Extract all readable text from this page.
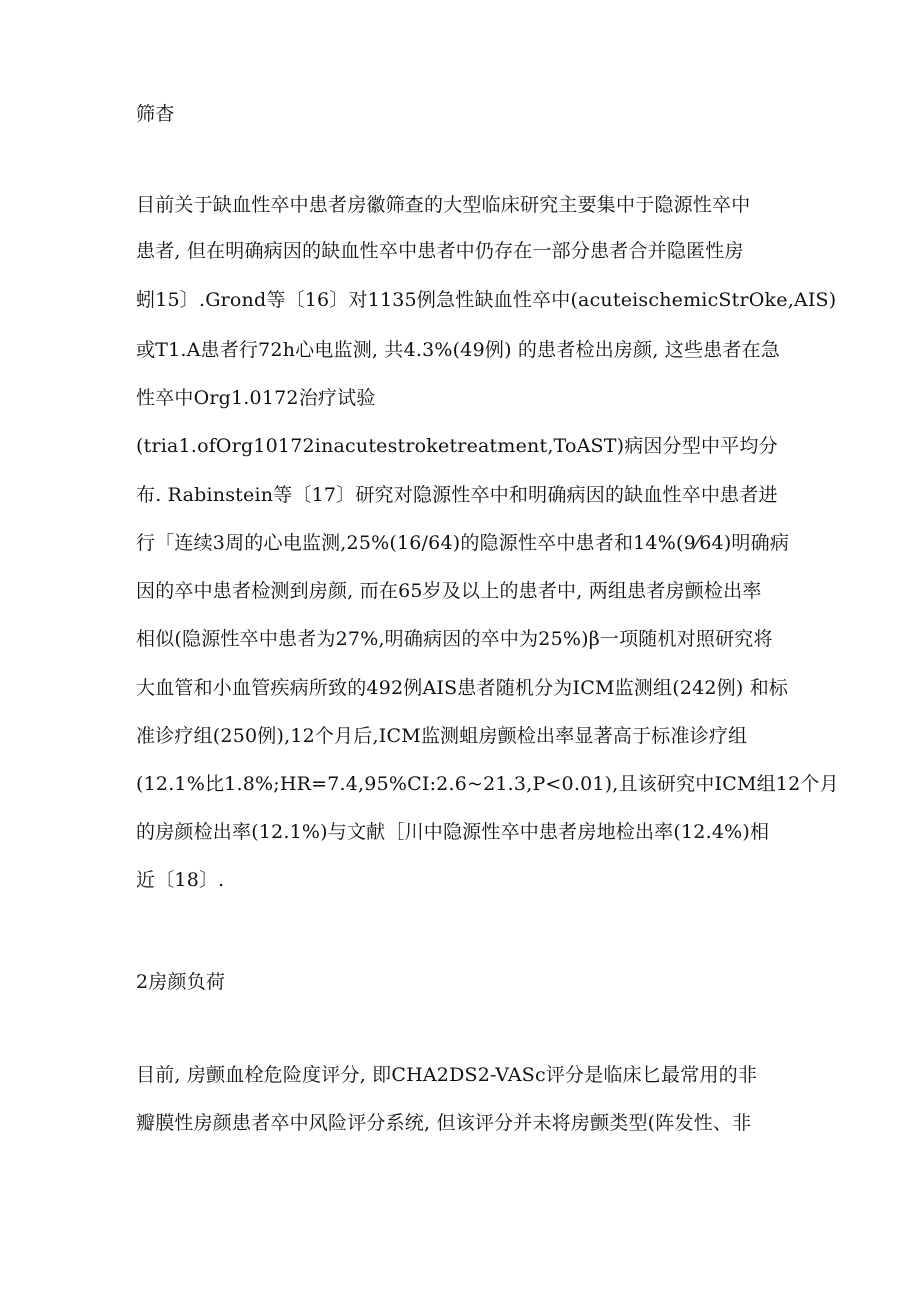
筛杳
目前关于缺血性卒中患者房徽筛查的大型临床研究主要集中于隐源性卒中
患者, 但在明确病因的缺血性卒中患者中仍存在一部分患者合并隐匿性房
蚓15〕.Grond等〔16〕对1135例急性缺血性卒中(acuteischemicStrOke,AIS)
或T1.A患者行72h心电监测, 共4.3%(49例) 的患者检出房颜, 这些患者在急
性卒中Org1.0172治疗试验
(tria1.ofOrg10172inacutestroketreatment,ToAST)病因分型中平均分
布. Rabinstein等〔17〕研究对隐源性卒中和明确病因的缺血性卒中患者进
行「连续3周的心电监测,25%(16/64)的隐源性卒中患者和14%(9⁄64)明确病
因的卒中患者检测到房颜, 而在65岁及以上的患者中, 两组患者房颤检出率
相似(隐源性卒中患者为27%,明确病因的卒中为25%)β一项随机对照研究将
大血管和小血管疾病所致的492例AIS患者随机分为ICM监测组(242例) 和标
准诊疗组(250例),12个月后,ICM监测蛆房颤检出率显著高于标准诊疗组
(12.1%比1.8%;HR=7.4,95%CI:2.6~21.3,P<0.01),且该研究中ICM组12个月
的房颜检出率(12.1%)与文献［川中隐源性卒中患者房地检出率(12.4%)相
近〔18〕.
2房颜负荷
目前, 房颤血栓危险度评分, 即CHA2DS2-VASc评分是临床匕最常用的非
瓣膜性房颜患者卒中风险评分系统, 但该评分并未将房颤类型(阵发性、非
